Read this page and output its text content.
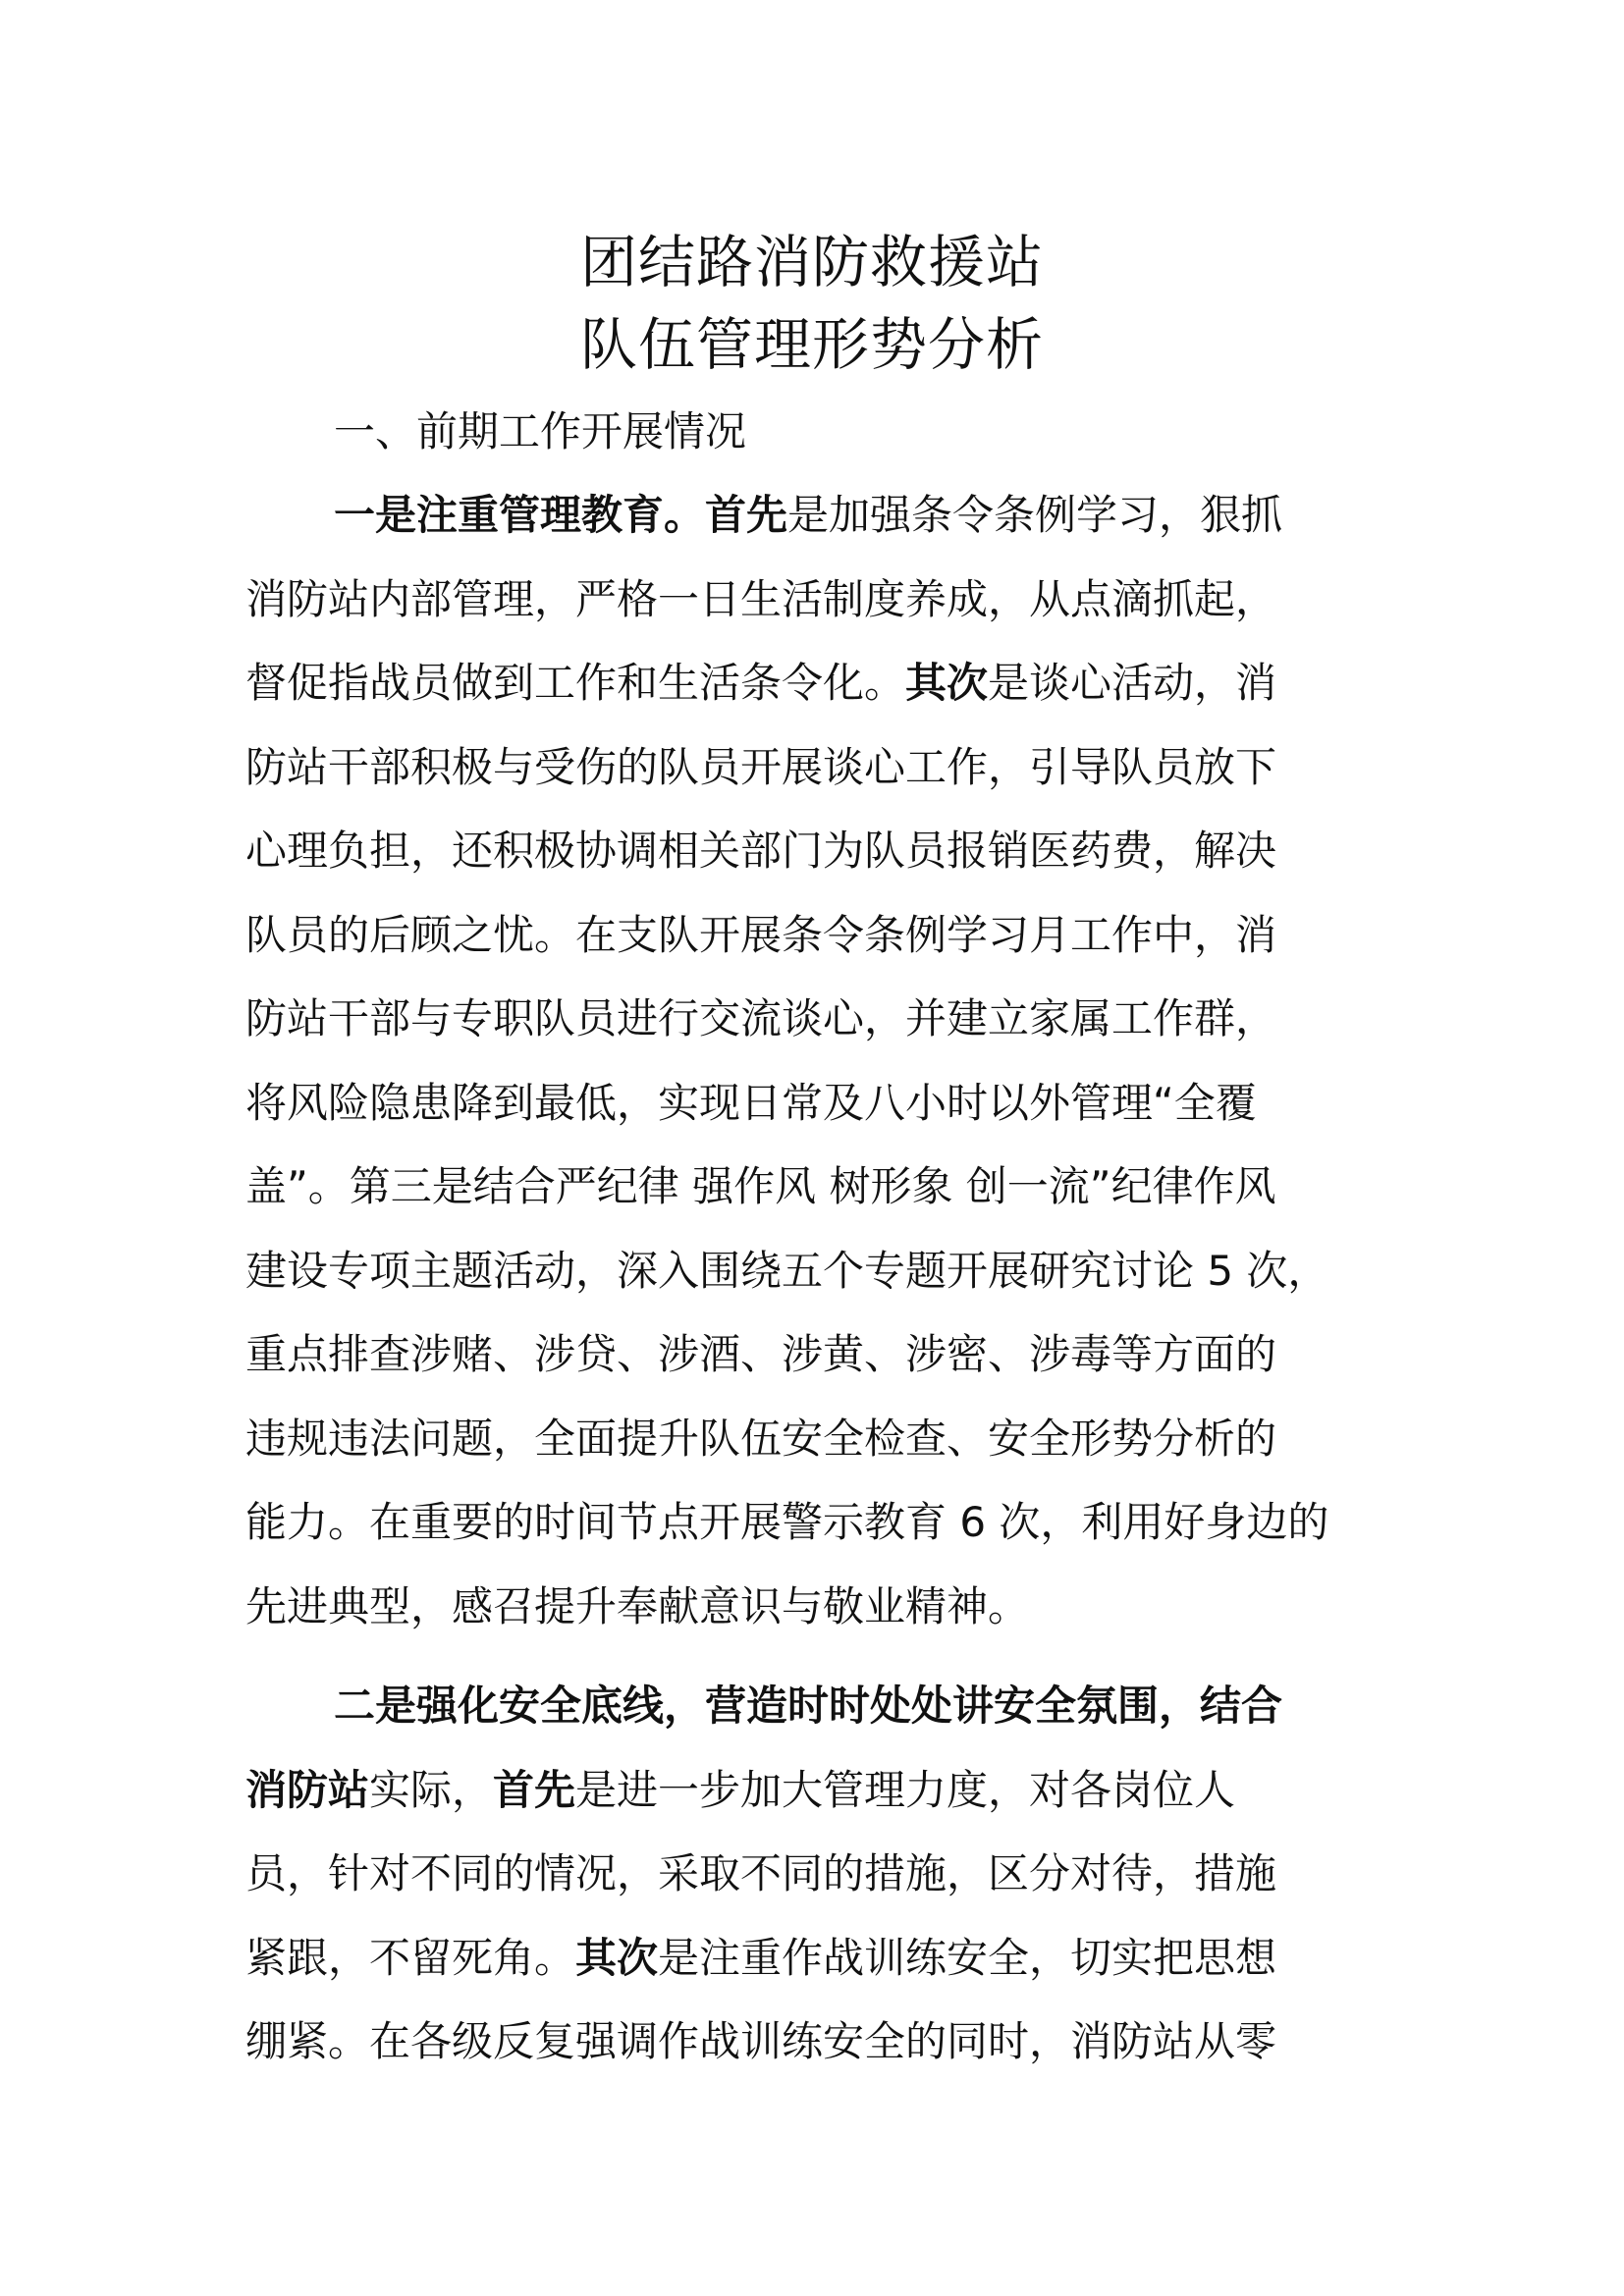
团结路消防救援站
队伍管理形势分析

一、前期工作开展情况

一是注重管理教育。首先是加强条令条例学习，狠抓

消防站内部管理，严格一日生活制度养成，从点滴抓起，

督促指战员做到工作和生活条令化。其次是谈心活动，消

防站干部积极与受伤的队员开展谈心工作，引导队员放下

心理负担，还积极协调相关部门为队员报销医药费，解决

队员的后顾之忧。在支队开展条令条例学习月工作中，消

防站干部与专职队员进行交流谈心，并建立家属工作群，

将风险隐患降到最低，实现日常及八小时以外管理“全覆

盖”。第三是结合严纪律 强作风 树形象 创一流”纪律作风

建设专项主题活动，深入围绕五个专题开展研究讨论 5 次，

重点排查涉赌、涉贷、涉酒、涉黄、涉密、涉毒等方面的

违规违法问题，全面提升队伍安全检查、安全形势分析的

能力。在重要的时间节点开展警示教育 6 次，利用好身边的

先进典型，感召提升奉献意识与敬业精神。

二是强化安全底线，营造时时处处讲安全氛围，结合

消防站实际，首先是进一步加大管理力度，对各岗位人

员，针对不同的情况，采取不同的措施，区分对待，措施

紧跟，不留死角。其次是注重作战训练安全，切实把思想

绷紧。在各级反复强调作战训练安全的同时，消防站从零
